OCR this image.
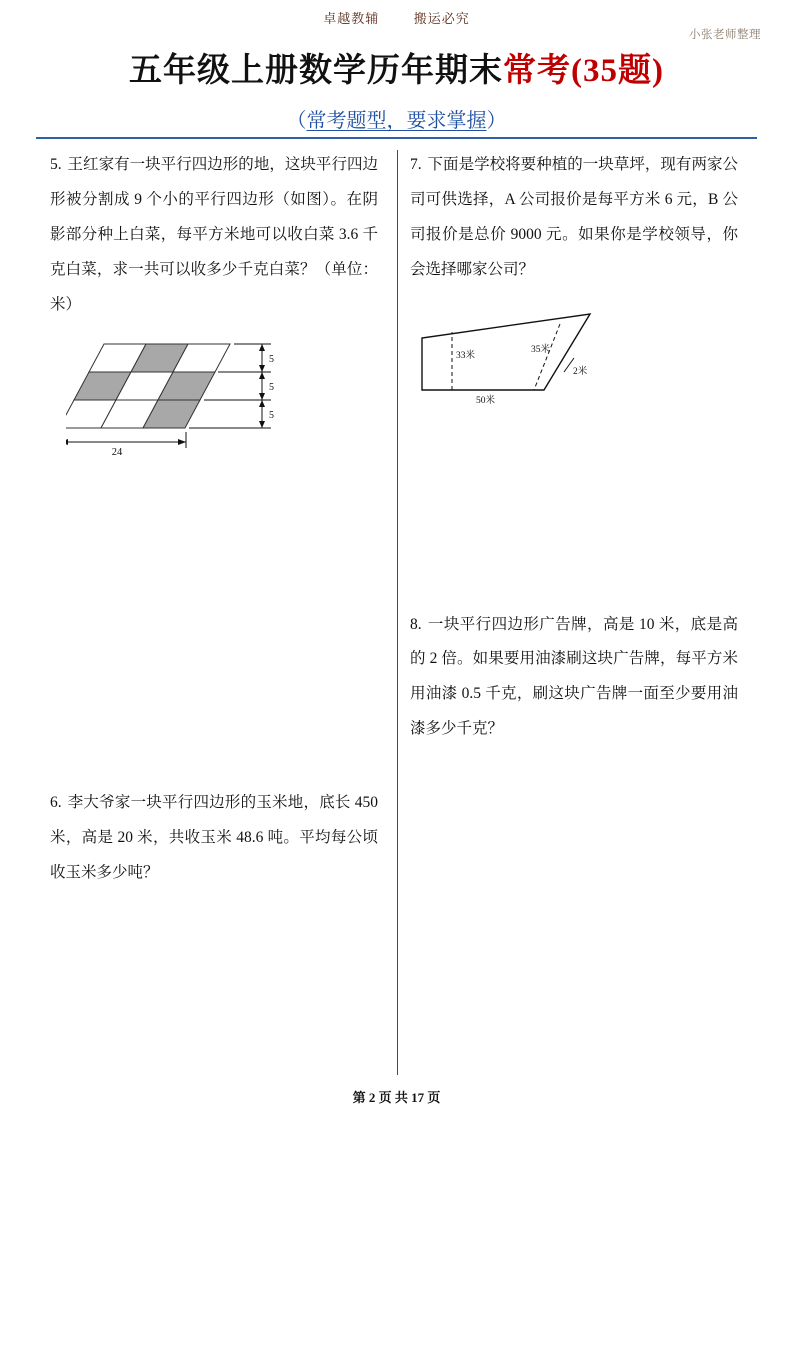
卓越教辅	搬运必究
小张老师整理
五年级上册数学历年期末常考(35题)
（常考题型，要求掌握）
5. 王红家有一块平行四边形的地，这块平行四边形被分割成 9 个小的平行四边形（如图）。在阴影部分种上白菜，每平方米地可以收白菜 3.6 千克白菜，求一共可以收多少千克白菜？（单位：米）
5
5
5
24
6. 李大爷家一块平行四边形的玉米地，底长 450 米，高是 20 米，共收玉米 48.6 吨。平均每公顷收玉米多少吨？
7. 下面是学校将要种植的一块草坪，现有两家公司可供选择，A 公司报价是每平方米 6 元，B 公司报价是总价 9000 元。如果你是学校领导，你会选择哪家公司？
33米
35米
2米
50米
8. 一块平行四边形广告牌，高是 10 米，底是高的 2 倍。如果要用油漆刷这块广告牌，每平方米用油漆 0.5 千克，刷这块广告牌一面至少要用油漆多少千克？
第 2 页 共 17 页
